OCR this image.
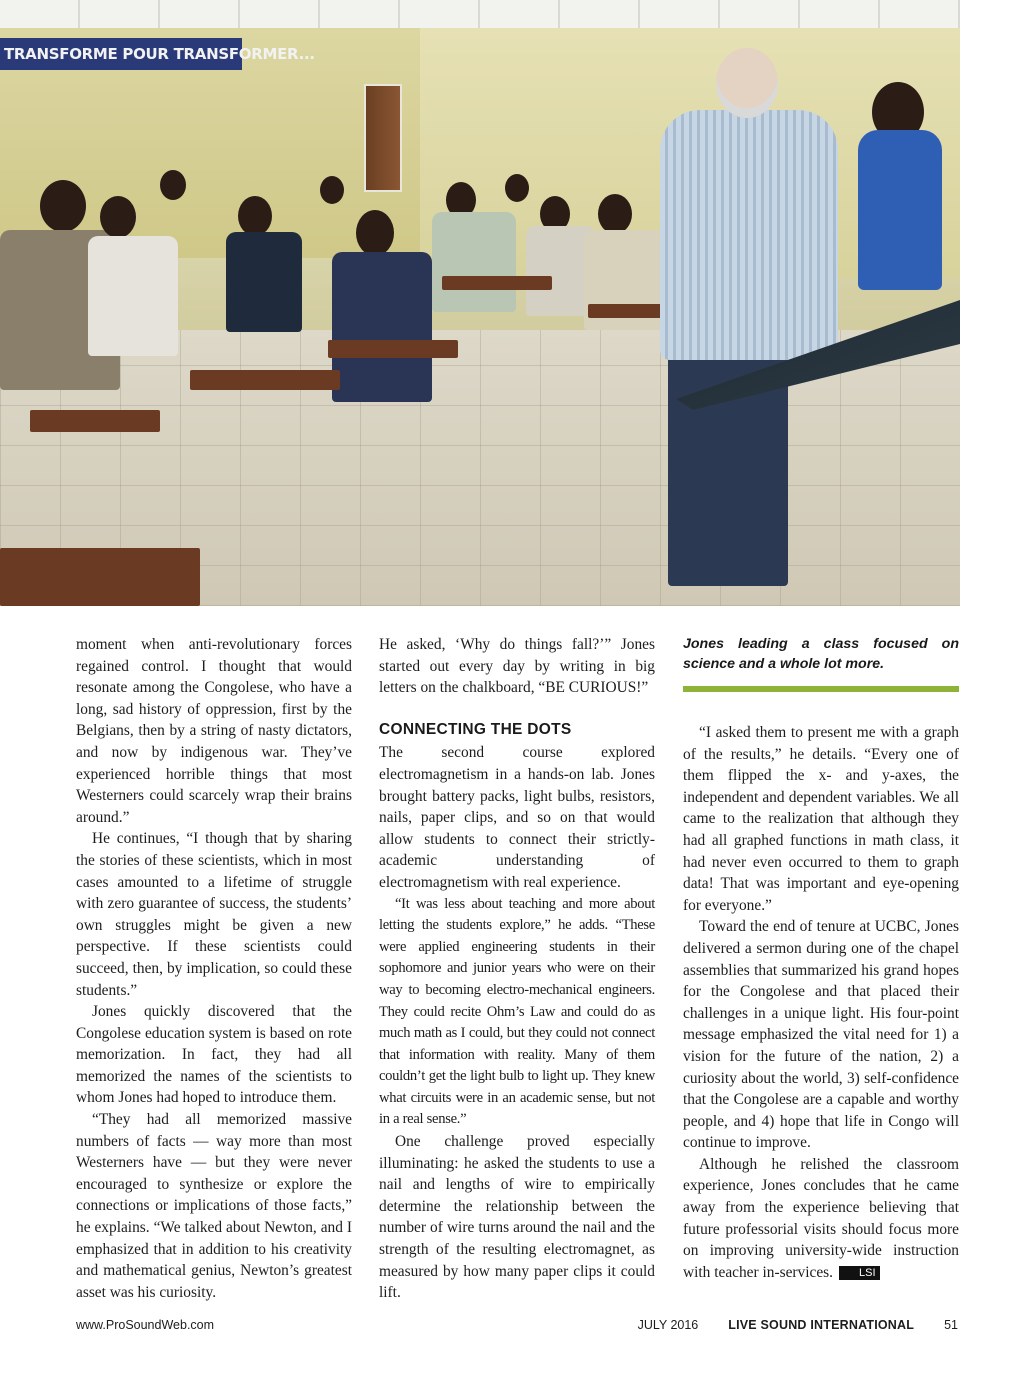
TRANSFORME POUR TRANSFORMER...

moment when anti-revolutionary forces regained control. I thought that would resonate among the Congolese, who have a long, sad history of oppression, first by the Belgians, then by a string of nasty dictators, and now by indigenous war. They’ve experienced horrible things that most Westerners could scarcely wrap their brains around.”

He continues, “I though that by sharing the stories of these scientists, which in most cases amounted to a lifetime of struggle with zero guarantee of success, the students’ own struggles might be given a new perspective. If these scientists could succeed, then, by implication, so could these students.”

Jones quickly discovered that the Congolese education system is based on rote memorization. In fact, they had all memorized the names of the scientists to whom Jones had hoped to introduce them.

“They had all memorized massive numbers of facts — way more than most Westerners have — but they were never encouraged to synthesize or explore the connections or implications of those facts,” he explains. “We talked about Newton, and I emphasized that in addition to his creativity and mathematical genius, Newton’s greatest asset was his curiosity.

He asked, ‘Why do things fall?’” Jones started out every day by writing in big letters on the chalkboard, “BE CURIOUS!”

CONNECTING THE DOTS

The second course explored electromagnetism in a hands-on lab. Jones brought battery packs, light bulbs, resistors, nails, paper clips, and so on that would allow students to connect their strictly-academic understanding of electromagnetism with real experience.

“It was less about teaching and more about letting the students explore,” he adds. “These were applied engineering students in their sophomore and junior years who were on their way to becoming electro-mechanical engineers. They could recite Ohm’s Law and could do as much math as I could, but they could not connect that information with reality. Many of them couldn’t get the light bulb to light up. They knew what circuits were in an academic sense, but not in a real sense.”

One challenge proved especially illuminating: he asked the students to use a nail and lengths of wire to empirically determine the relationship between the number of wire turns around the nail and the strength of the resulting electromagnet, as measured by how many paper clips it could lift.

Jones leading a class focused on science and a whole lot more.

“I asked them to present me with a graph of the results,” he details. “Every one of them flipped the x- and y-axes, the independent and dependent variables. We all came to the realization that although they had all graphed functions in math class, it had never even occurred to them to graph data! That was important and eye-opening for everyone.”

Toward the end of tenure at UCBC, Jones delivered a sermon during one of the chapel assemblies that summarized his grand hopes for the Congolese and that placed their challenges in a unique light. His four-point message emphasized the vital need for 1) a vision for the future of the nation, 2) a curiosity about the world, 3) self-confidence that the Congolese are a capable and worthy people, and 4) hope that life in Congo will continue to improve.

Although he relished the classroom experience, Jones concludes that he came away from the experience believing that future professorial visits should focus more on improving university-wide instruction with teacher in-services. LSI

www.ProSoundWeb.com	JULY 2016 LIVE SOUND INTERNATIONAL 51
